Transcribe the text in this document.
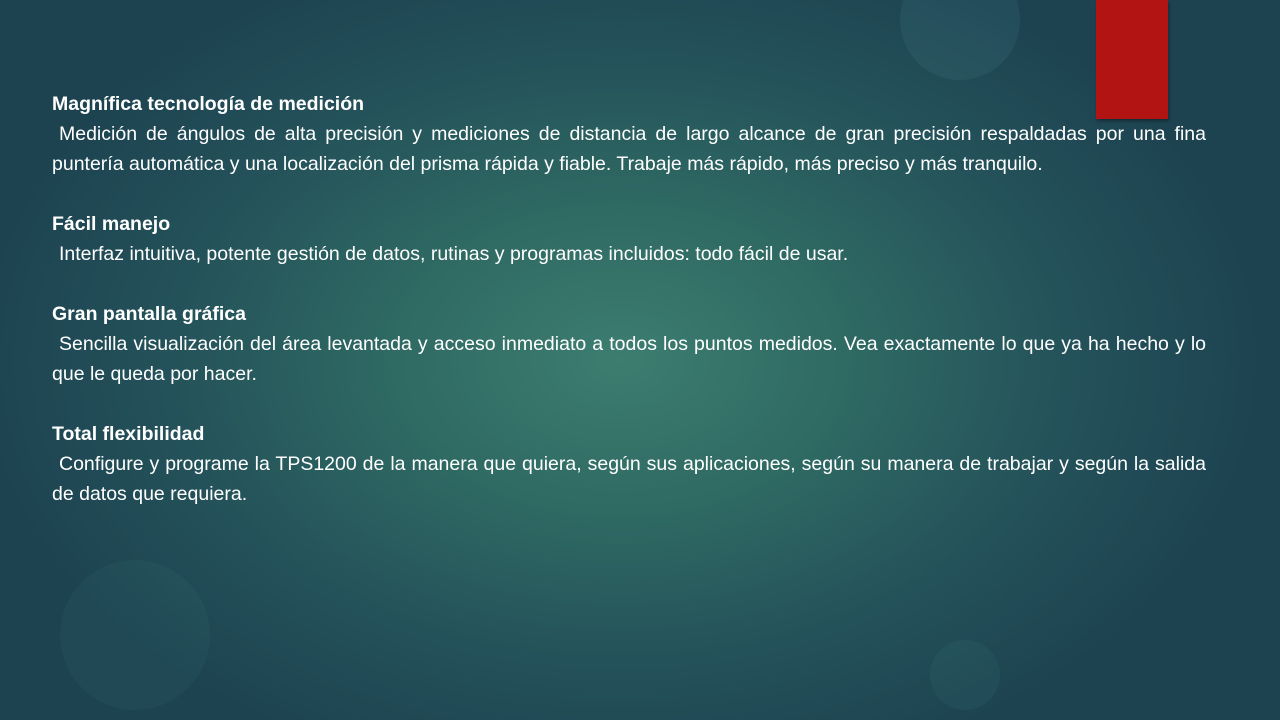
Magnífica tecnología de medición

Medición de ángulos de alta precisión y mediciones de distancia de largo alcance de gran precisión respaldadas por una fina puntería automática y una localización del prisma rápida y fiable. Trabaje más rápido, más preciso y más tranquilo.

Fácil manejo

Interfaz intuitiva, potente gestión de datos, rutinas y programas incluidos: todo fácil de usar.

Gran pantalla gráfica

Sencilla visualización del área levantada y acceso inmediato a todos los puntos medidos. Vea exactamente lo que ya ha hecho y lo que le queda por hacer.

Total flexibilidad

Configure y programe la TPS1200 de la manera que quiera, según sus aplicaciones, según su manera de trabajar y según la salida de datos que requiera.
